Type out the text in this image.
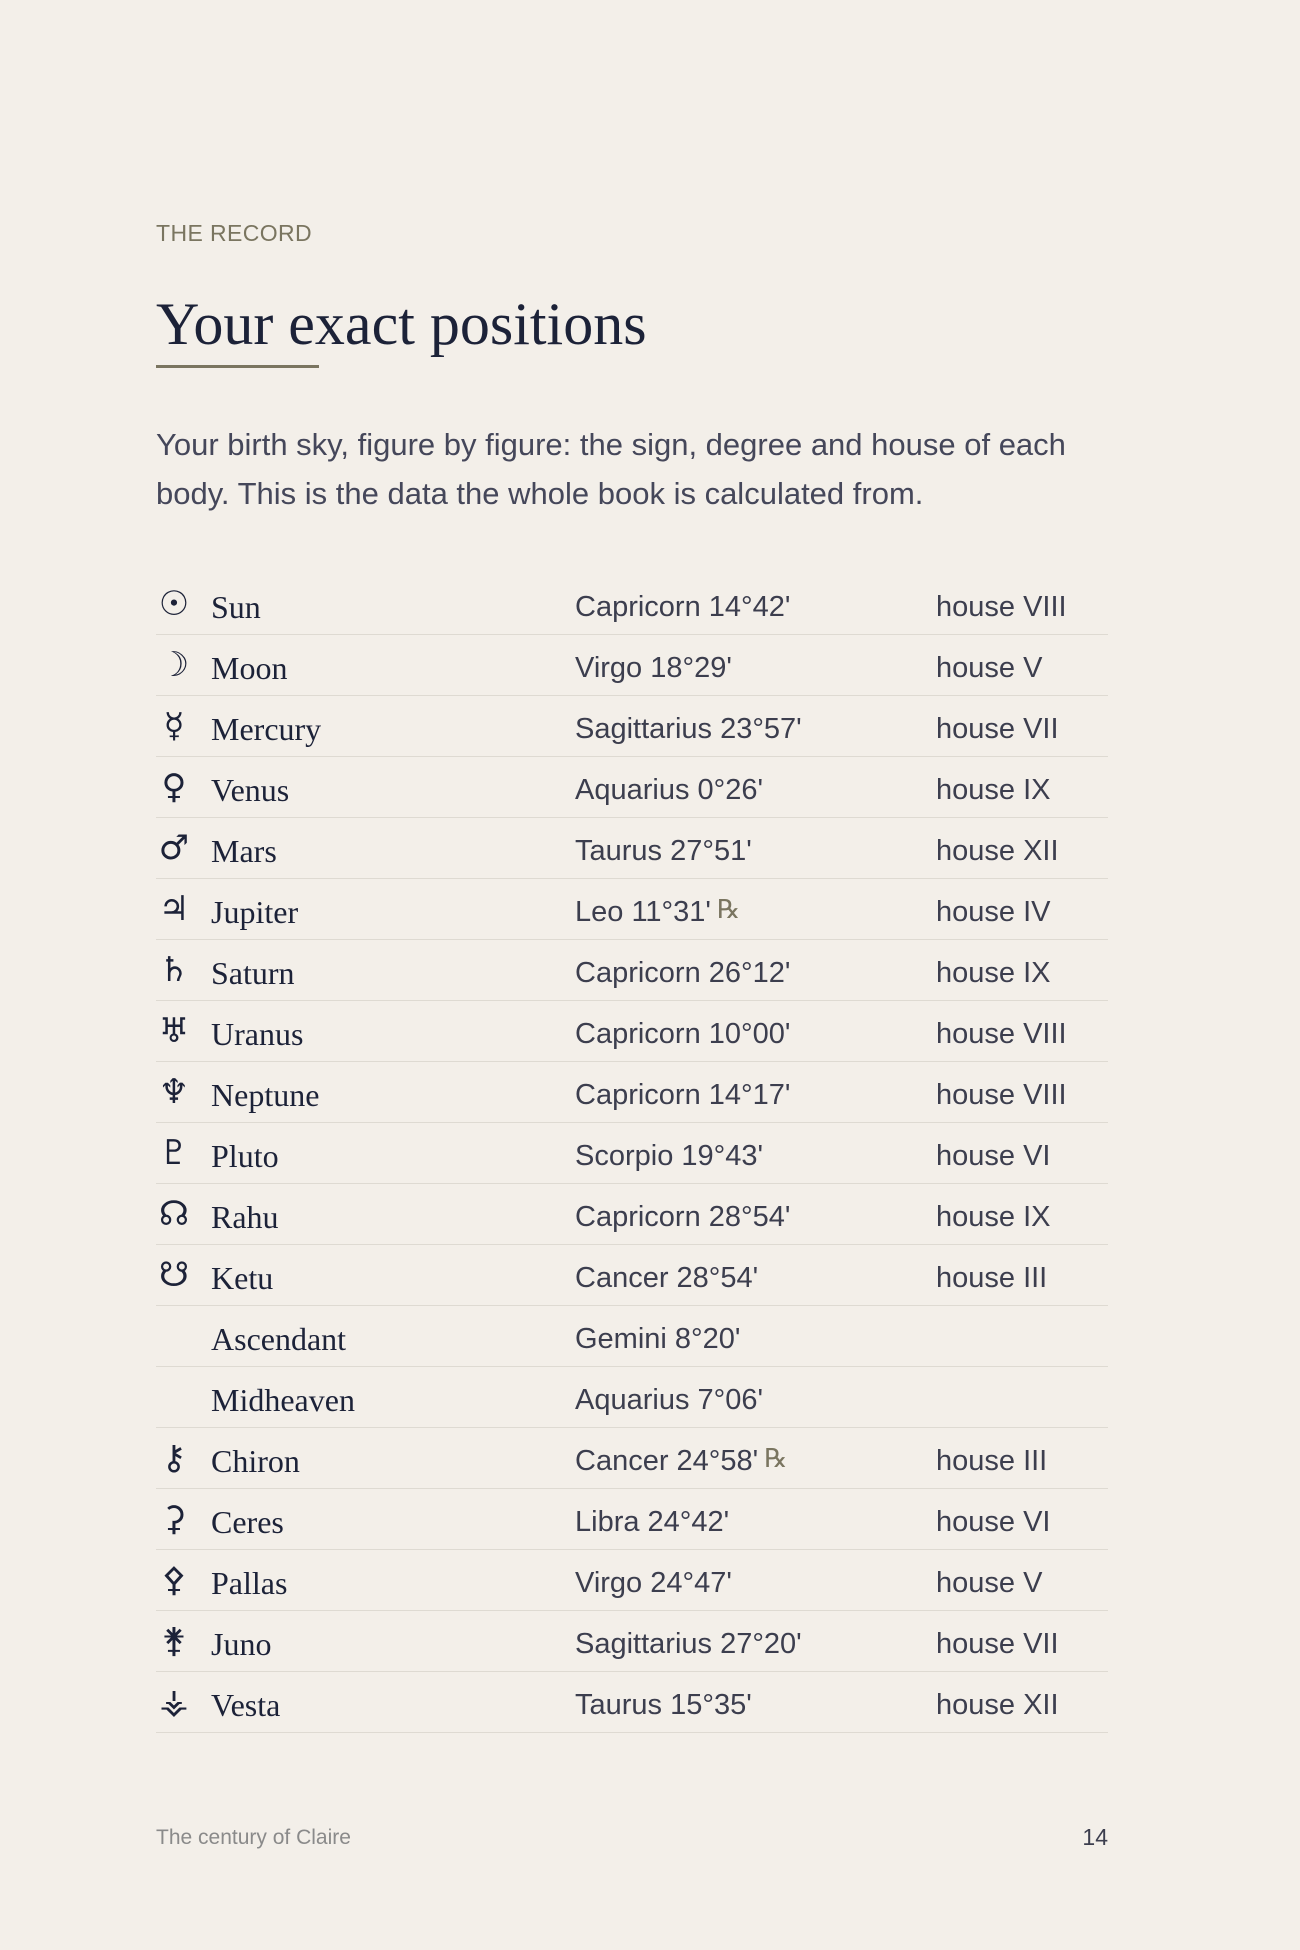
THE RECORD
Your exact positions

Your birth sky, figure by figure: the sign, degree and house of each body. This is the data the whole book is calculated from.

☉ Sun	Capricorn 14°42'	house VIII
☽ Moon	Virgo 18°29'	house V
☿ Mercury	Sagittarius 23°57'	house VII
♀ Venus	Aquarius 0°26'	house IX
♂ Mars	Taurus 27°51'	house XII
♃ Jupiter	Leo 11°31' ℞	house IV
♄ Saturn	Capricorn 26°12'	house IX
♅ Uranus	Capricorn 10°00'	house VIII
♆ Neptune	Capricorn 14°17'	house VIII
♇ Pluto	Scorpio 19°43'	house VI
☊ Rahu	Capricorn 28°54'	house IX
☋ Ketu	Cancer 28°54'	house III
Ascendant	Gemini 8°20'
Midheaven	Aquarius 7°06'
⚷ Chiron	Cancer 24°58' ℞	house III
⚳ Ceres	Libra 24°42'	house VI
⚴ Pallas	Virgo 24°47'	house V
⚵ Juno	Sagittarius 27°20'	house VII
⚶ Vesta	Taurus 15°35'	house XII
The century of Claire	14
